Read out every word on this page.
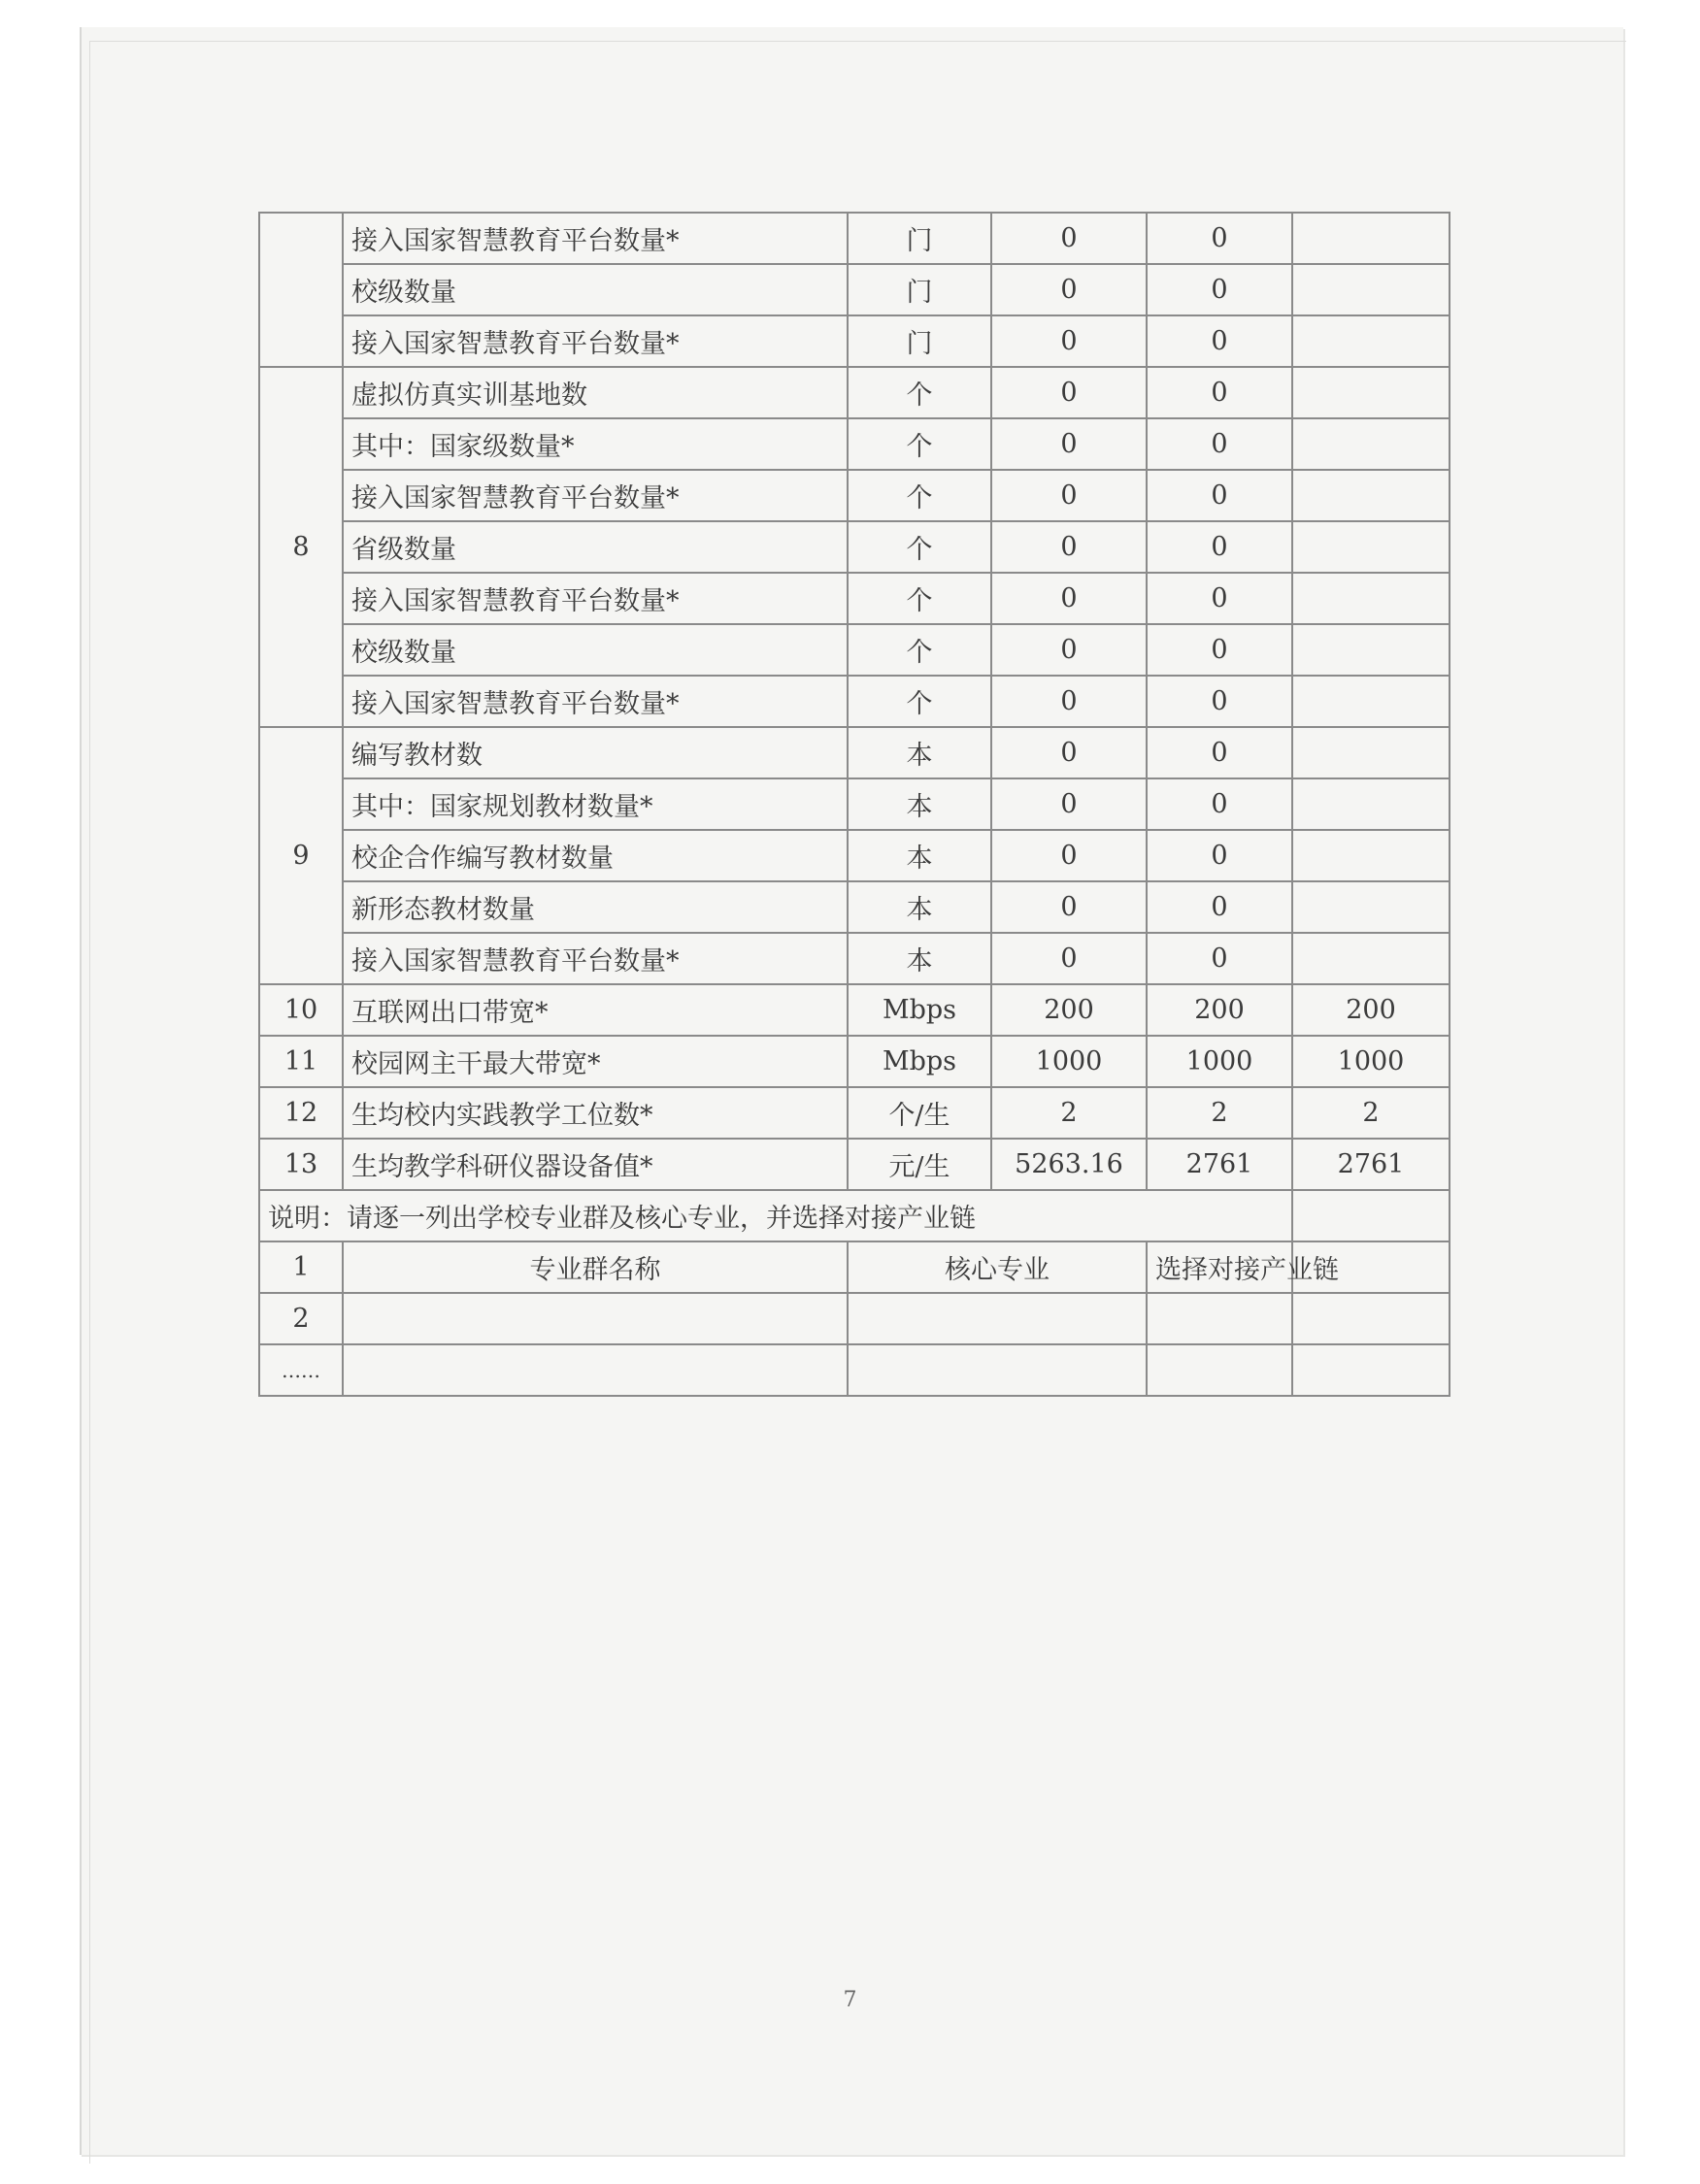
	接入国家智慧教育平台数量*	门	0	0	
	校级数量	门	0	0	
	接入国家智慧教育平台数量*	门	0	0	
8	虚拟仿真实训基地数	个	0	0	
	其中：国家级数量*	个	0	0	
	接入国家智慧教育平台数量*	个	0	0	
	省级数量	个	0	0	
	接入国家智慧教育平台数量*	个	0	0	
	校级数量	个	0	0	
	接入国家智慧教育平台数量*	个	0	0	
9	编写教材数	本	0	0	
	其中：国家规划教材数量*	本	0	0	
	校企合作编写教材数量	本	0	0	
	新形态教材数量	本	0	0	
	接入国家智慧教育平台数量*	本	0	0	
10	互联网出口带宽*	Mbps	200	200	200
11	校园网主干最大带宽*	Mbps	1000	1000	1000
12	生均校内实践教学工位数*	个/生	2	2	2
13	生均教学科研仪器设备值*	元/生	5263.16	2761	2761
说明：请逐一列出学校专业群及核心专业，并选择对接产业链					
1	专业群名称	核心专业		选择对接产业链	
2					
……					
7
